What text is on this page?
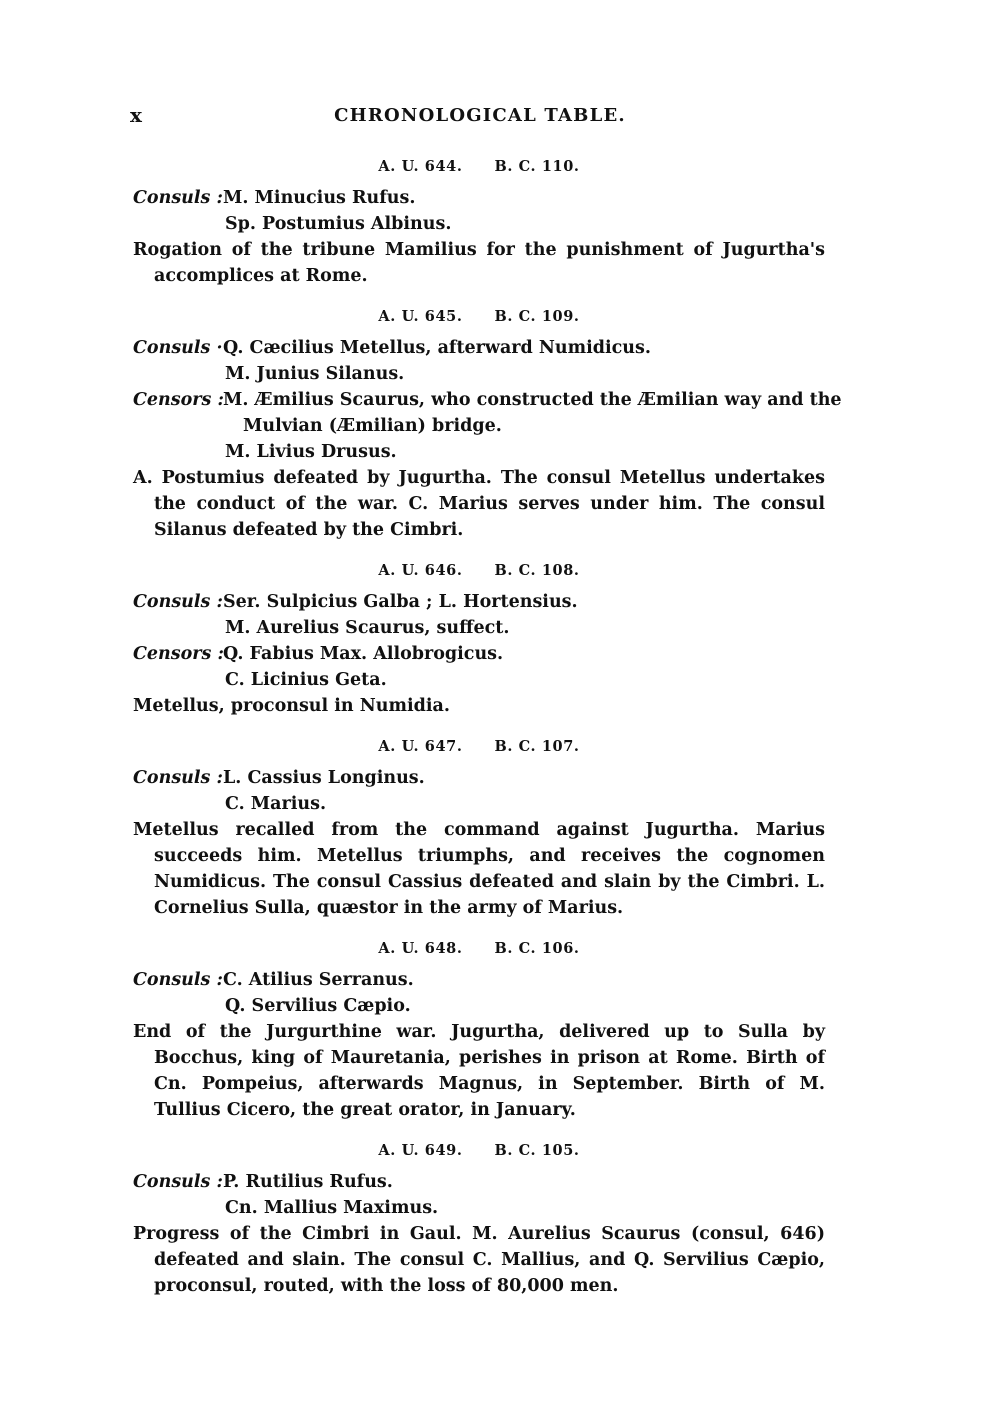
x	CHRONOLOGICAL TABLE.
A. U. 644. B. C. 110.
Consuls :M. Minucius Rufus.
Sp. Postumius Albinus.
Rogation of the tribune Mamilius for the punishment of Jugurtha's accomplices at Rome.
A. U. 645. B. C. 109.
Consuls ·Q. Cæcilius Metellus, afterward Numidicus.
M. Junius Silanus.
Censors :M. Æmilius Scaurus, who constructed the Æmilian way and the
Mulvian (Æmilian) bridge.
M. Livius Drusus.
A. Postumius defeated by Jugurtha. The consul Metellus undertakes the conduct of the war. C. Marius serves under him. The consul Silanus defeated by the Cimbri.
A. U. 646. B. C. 108.
Consuls :Ser. Sulpicius Galba ; L. Hortensius.
M. Aurelius Scaurus, suffect.
Censors :Q. Fabius Max. Allobrogicus.
C. Licinius Geta.
Metellus, proconsul in Numidia.
A. U. 647. B. C. 107.
Consuls :L. Cassius Longinus.
C. Marius.
Metellus recalled from the command against Jugurtha. Marius succeeds him. Metellus triumphs, and receives the cognomen Numidicus. The consul Cassius defeated and slain by the Cimbri. L. Cornelius Sulla, quæstor in the army of Marius.
A. U. 648. B. C. 106.
Consuls :C. Atilius Serranus.
Q. Servilius Cæpio.
End of the Jurgurthine war. Jugurtha, delivered up to Sulla by Bocchus, king of Mauretania, perishes in prison at Rome. Birth of Cn. Pompeius, afterwards Magnus, in September. Birth of M. Tullius Cicero, the great orator, in January.
A. U. 649. B. C. 105.
Consuls :P. Rutilius Rufus.
Cn. Mallius Maximus.
Progress of the Cimbri in Gaul. M. Aurelius Scaurus (consul, 646) defeated and slain. The consul C. Mallius, and Q. Servilius Cæpio, proconsul, routed, with the loss of 80,000 men.
